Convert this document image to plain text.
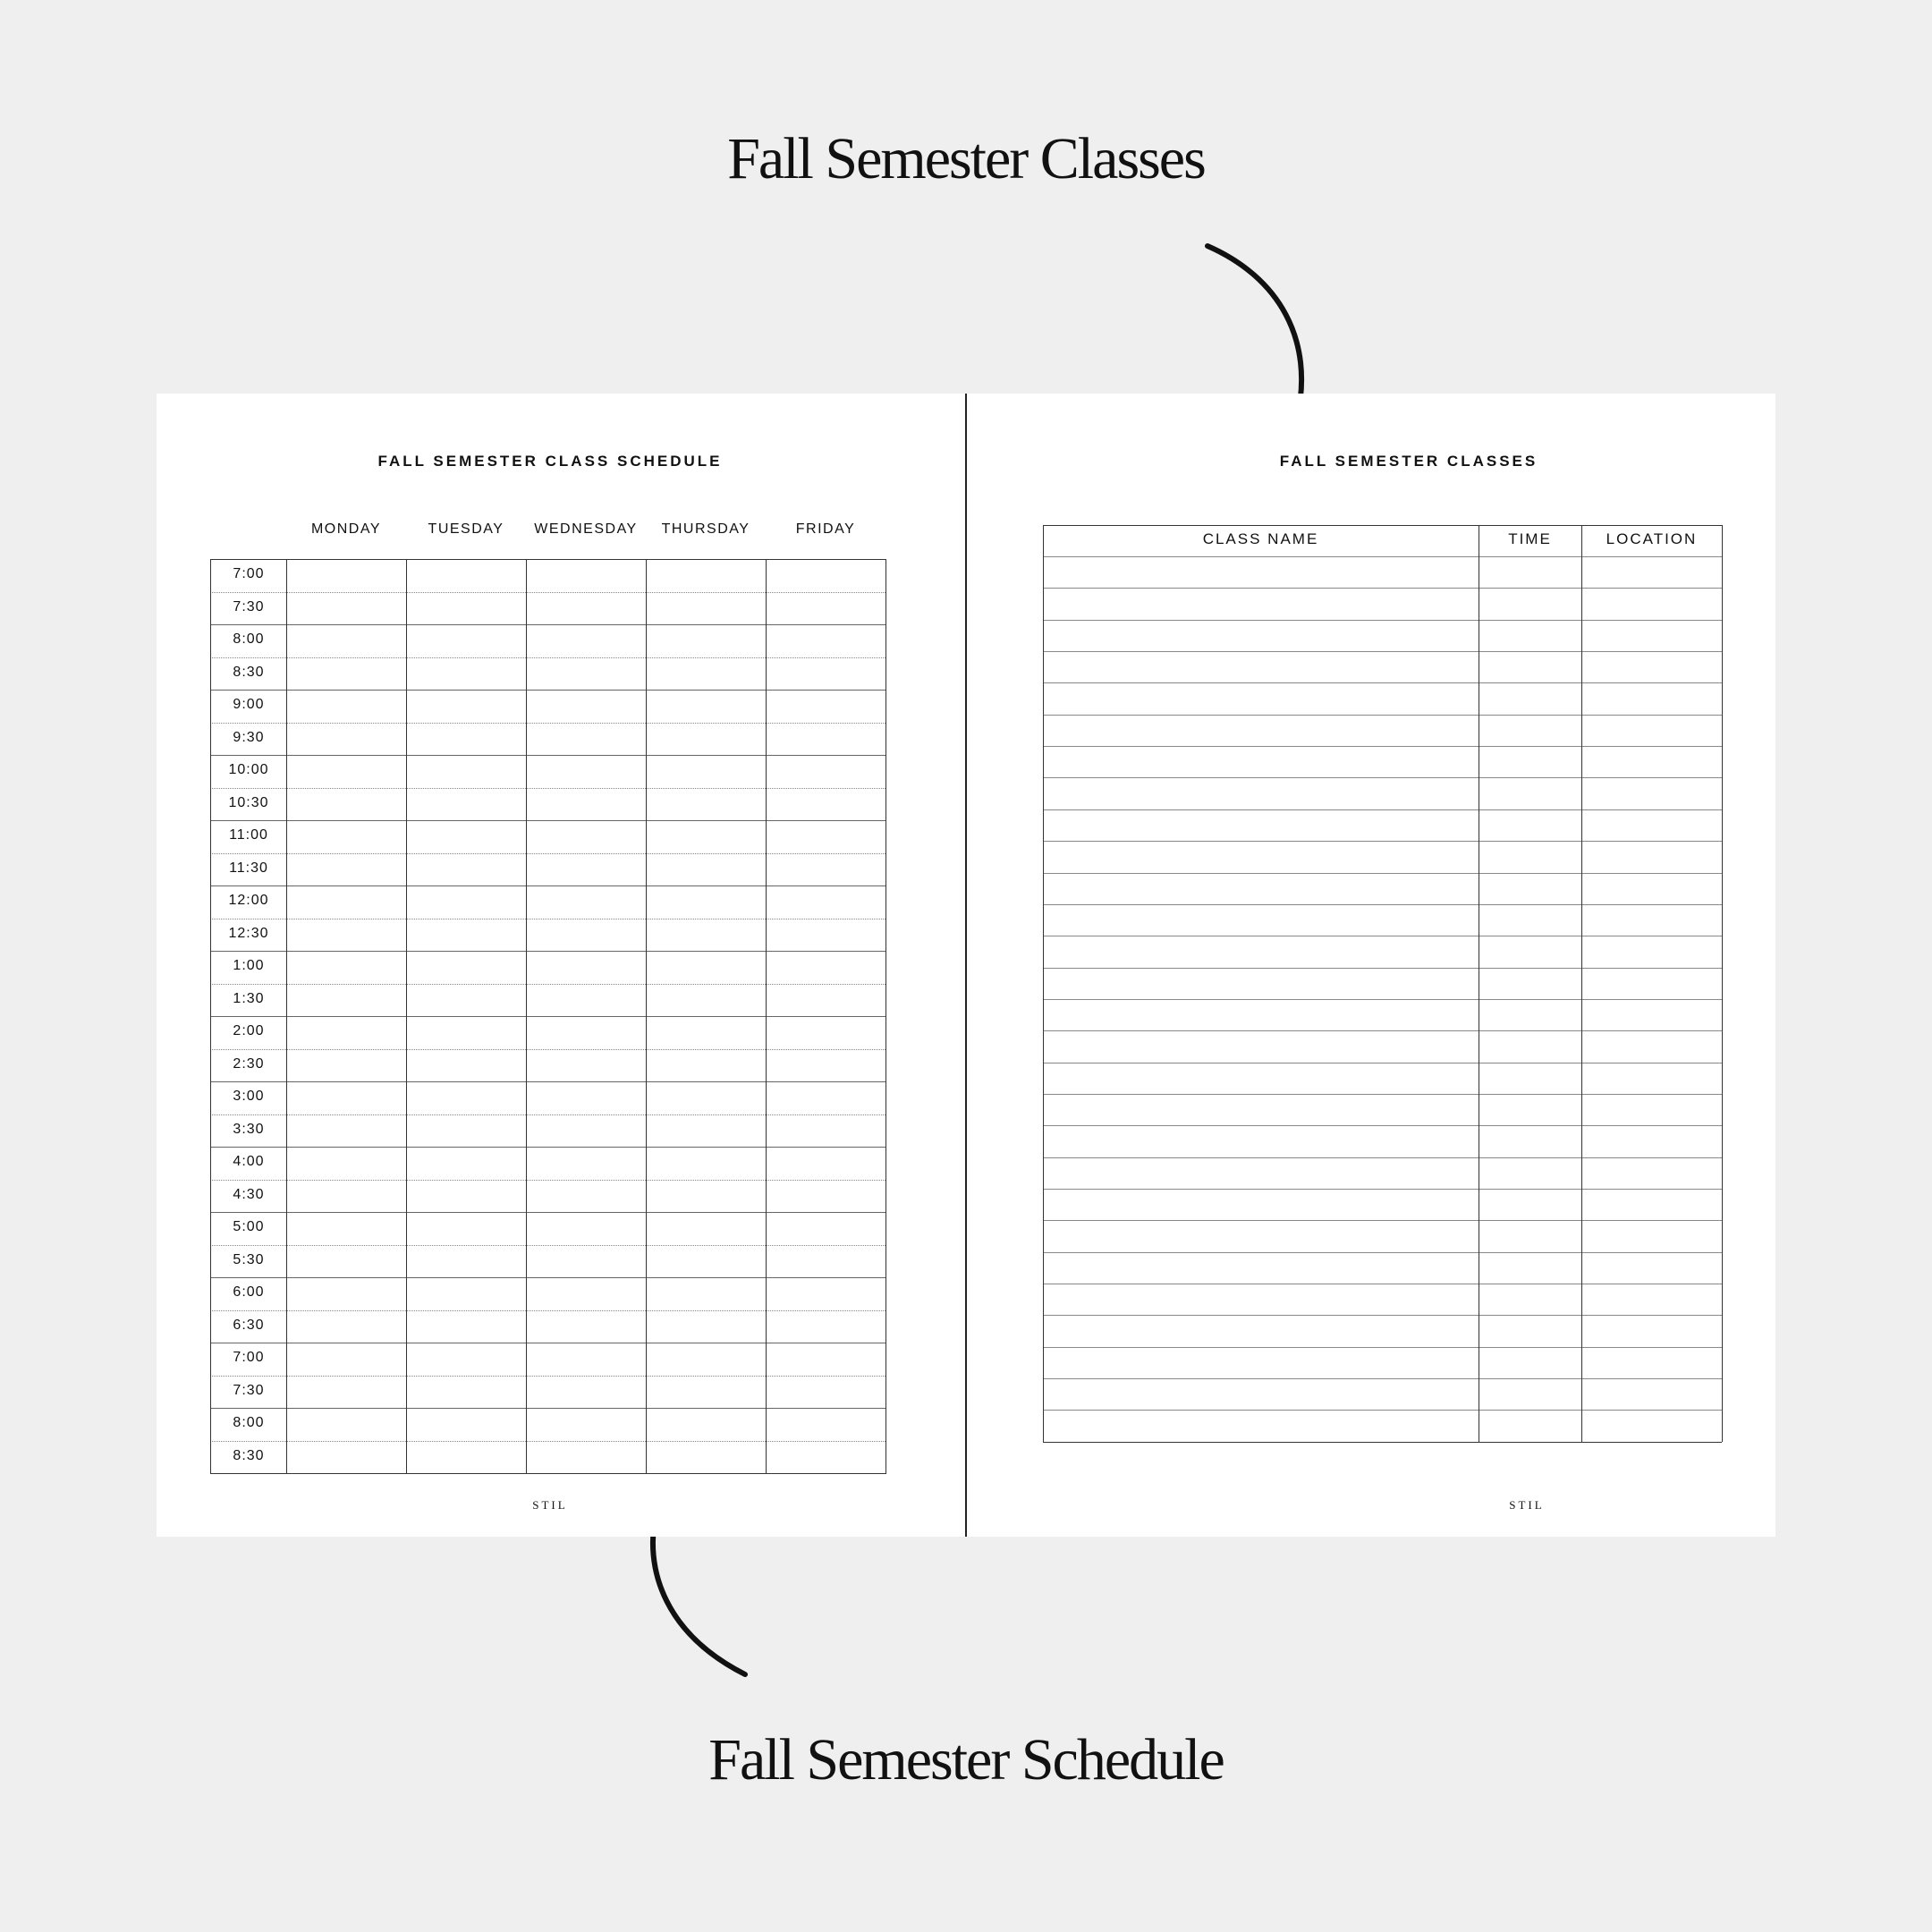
Fall Semester Classes
Fall Semester Schedule
FALL SEMESTER CLASS SCHEDULE
MONDAY	TUESDAY	WEDNESDAY	THURSDAY	FRIDAY
7:00
7:30
8:00
8:30
9:00
9:30
10:00
10:30
11:00
11:30
12:00
12:30
1:00
1:30
2:00
2:30
3:00
3:30
4:00
4:30
5:00
5:30
6:00
6:30
7:00
7:30
8:00
8:30
STIL
FALL SEMESTER CLASSES
CLASS NAME	TIME	LOCATION
STIL
